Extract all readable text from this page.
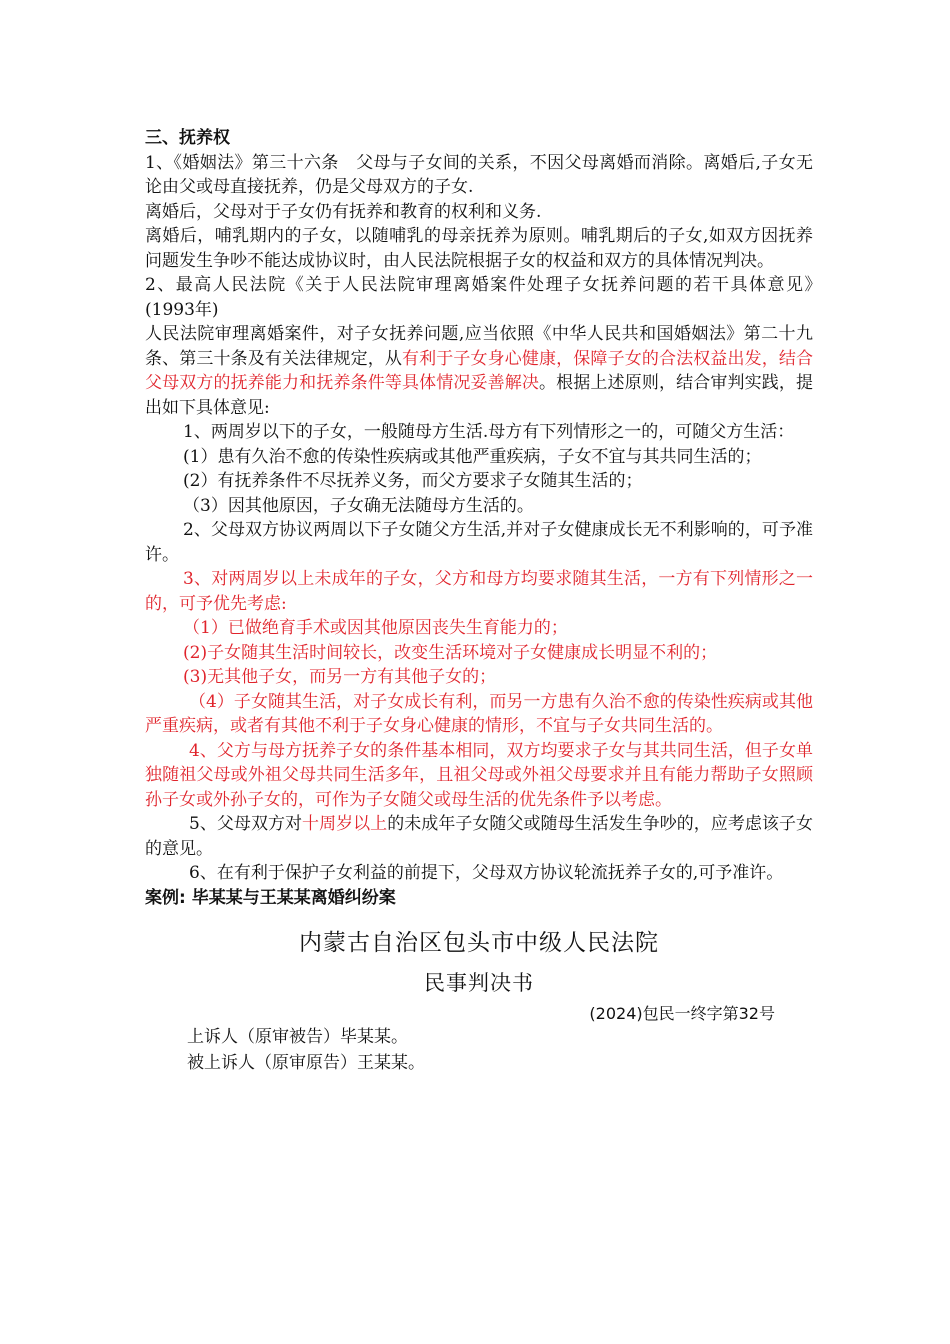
三、抚养权

1、《婚姻法》第三十六条　父母与子女间的关系，不因父母离婚而消除。离婚后,子女无论由父或母直接抚养，仍是父母双方的子女.

离婚后，父母对于子女仍有抚养和教育的权利和义务.

离婚后，哺乳期内的子女，以随哺乳的母亲抚养为原则。哺乳期后的子女,如双方因抚养问题发生争吵不能达成协议时，由人民法院根据子女的权益和双方的具体情况判决。

2、最高人民法院《关于人民法院审理离婚案件处理子女抚养问题的若干具体意见》　　(1993年)

人民法院审理离婚案件，对子女抚养问题,应当依照《中华人民共和国婚姻法》第二十九条、第三十条及有关法律规定，从有利于子女身心健康，保障子女的合法权益出发，结合父母双方的抚养能力和抚养条件等具体情况妥善解决。根据上述原则，结合审判实践，提出如下具体意见:

1、两周岁以下的子女，一般随母方生活.母方有下列情形之一的，可随父方生活：

(1）患有久治不愈的传染性疾病或其他严重疾病，子女不宜与其共同生活的；

(2）有抚养条件不尽抚养义务，而父方要求子女随其生活的；

（3）因其他原因，子女确无法随母方生活的。

2、父母双方协议两周以下子女随父方生活,并对子女健康成长无不利影响的，可予准许。

3、对两周岁以上未成年的子女，父方和母方均要求随其生活，一方有下列情形之一的，可予优先考虑:

（1）已做绝育手术或因其他原因丧失生育能力的；

(2)子女随其生活时间较长，改变生活环境对子女健康成长明显不利的；

(3)无其他子女，而另一方有其他子女的；

（4）子女随其生活，对子女成长有利，而另一方患有久治不愈的传染性疾病或其他严重疾病，或者有其他不利于子女身心健康的情形，不宜与子女共同生活的。

4、父方与母方抚养子女的条件基本相同，双方均要求子女与其共同生活，但子女单独随祖父母或外祖父母共同生活多年，且祖父母或外祖父母要求并且有能力帮助子女照顾孙子女或外孙子女的，可作为子女随父或母生活的优先条件予以考虑。

5、父母双方对十周岁以上的未成年子女随父或随母生活发生争吵的，应考虑该子女的意见。

6、在有利于保护子女利益的前提下，父母双方协议轮流抚养子女的,可予准许。

案例: 毕某某与王某某离婚纠纷案

内蒙古自治区包头市中级人民法院
民事判决书
(2024)包民一终字第32号

上诉人（原审被告）毕某某。

被上诉人（原审原告）王某某。
